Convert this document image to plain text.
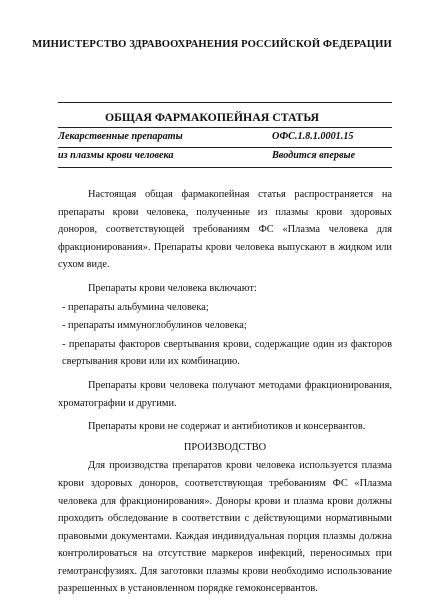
МИНИСТЕРСТВО ЗДРАВООХРАНЕНИЯ РОССИЙСКОЙ ФЕДЕРАЦИИ
ОБЩАЯ ФАРМАКОПЕЙНАЯ СТАТЬЯ
Лекарственные препараты	ОФС.1.8.1.0001.15
из плазмы крови человека	Вводится впервые

Настоящая общая фармакопейная статья распространяется на препараты крови человека, полученные из плазмы крови здоровых доноров, соответствующей требованиям ФС «Плазма человека для фракционирования». Препараты крови человека выпускают в жидком или сухом виде.

Препараты крови человека включают:

- препараты альбумина человека;

- препараты иммуноглобулинов человека;

- препараты факторов свертывания крови, содержащие один из факторов свертывания крови или их комбинацию.

Препараты крови человека получают методами фракционирования, хроматографии и другими.

Препараты крови не содержат и антибиотиков и консервантов.

ПРОИЗВОДСТВО

Для производства препаратов крови человека используется плазма крови здоровых доноров, соответствующая требованиям ФС «Плазма человека для фракционирования». Доноры крови и плазма крови должны проходить обследование в соответствии с действующими нормативными правовыми документами. Каждая индивидуальная порция плазмы должна контролироваться на отсутствие маркеров инфекций, переносимых при гемотрансфузиях. Для заготовки плазмы крови необходимо использование разрешенных в установленном порядке гемоконсервантов.
